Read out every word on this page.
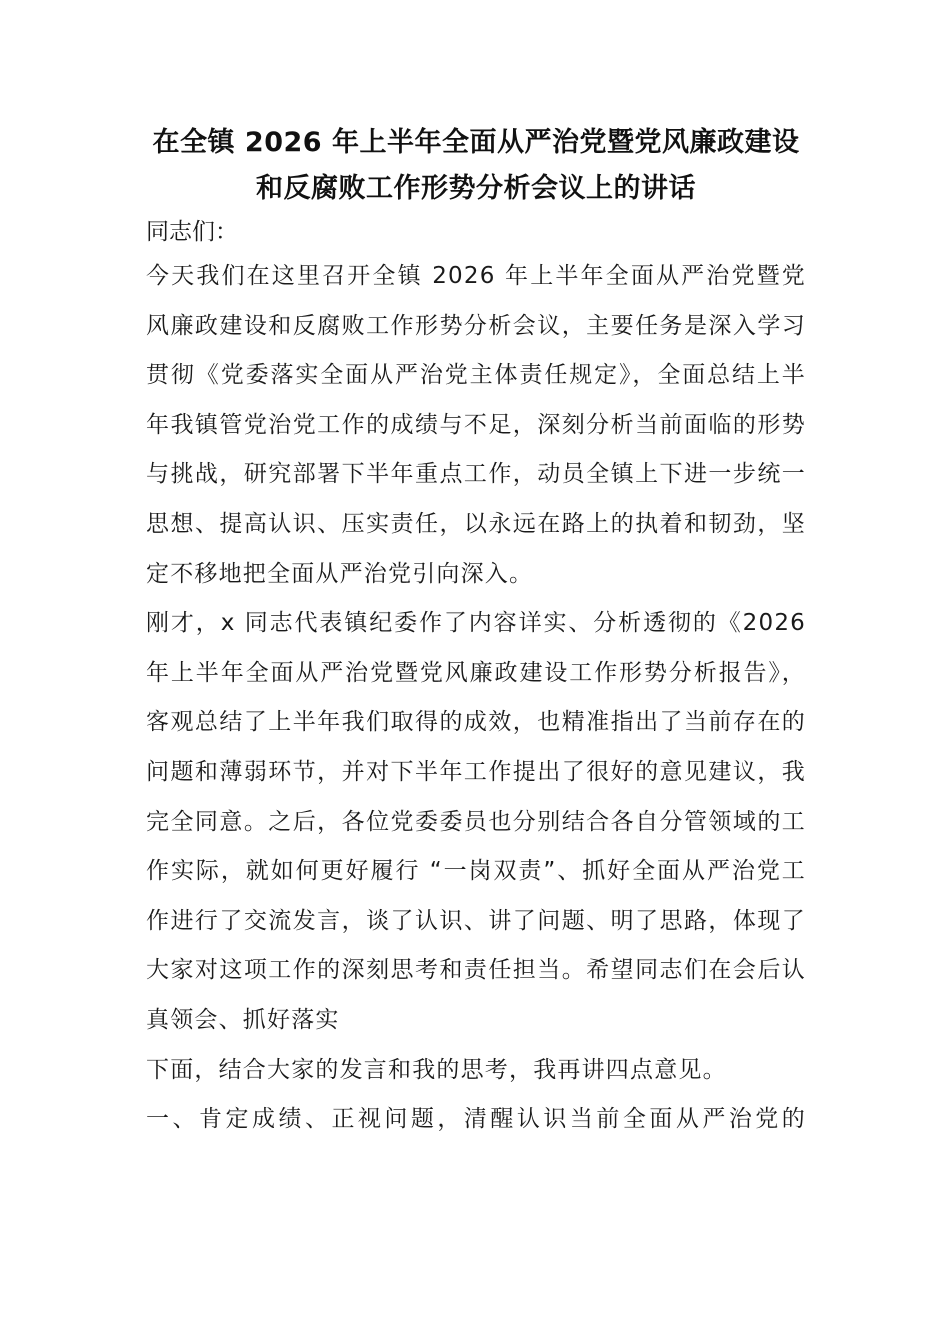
在全镇 2026 年上半年全面从严治党暨党风廉政建设
和反腐败工作形势分析会议上的讲话

同志们：

今天我们在这里召开全镇 2026 年上半年全面从严治党暨党风廉政建设和反腐败工作形势分析会议，主要任务是深入学习贯彻《党委落实全面从严治党主体责任规定》，全面总结上半年我镇管党治党工作的成绩与不足，深刻分析当前面临的形势与挑战，研究部署下半年重点工作，动员全镇上下进一步统一思想、提高认识、压实责任，以永远在路上的执着和韧劲，坚定不移地把全面从严治党引向深入。

刚才，x 同志代表镇纪委作了内容详实、分析透彻的《2026 年上半年全面从严治党暨党风廉政建设工作形势分析报告》，客观总结了上半年我们取得的成效，也精准指出了当前存在的问题和薄弱环节，并对下半年工作提出了很好的意见建议，我完全同意。之后，各位党委委员也分别结合各自分管领域的工作实际，就如何更好履行 “一岗双责”、抓好全面从严治党工作进行了交流发言，谈了认识、讲了问题、明了思路，体现了大家对这项工作的深刻思考和责任担当。希望同志们在会后认真领会、抓好落实

下面，结合大家的发言和我的思考，我再讲四点意见。

一、肯定成绩、正视问题，清醒认识当前全面从严治党的
